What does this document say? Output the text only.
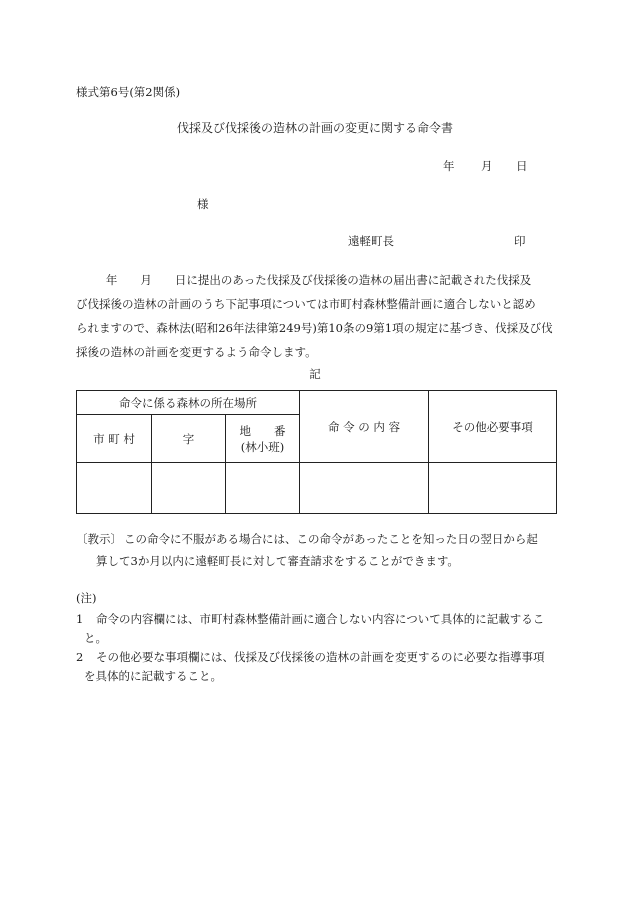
様式第6号(第2関係)
伐採及び伐採後の造林の計画の変更に関する命令書
年 月 日
様
遠軽町長	印
年　　月　　日に提出のあった伐採及び伐採後の造林の届出書に記載された伐採及
び伐採後の造林の計画のうち下記事項については市町村森林整備計画に適合しないと認め
られますので、森林法(昭和26年法律第249号)第10条の9第1項の規定に基づき、伐採及び伐
採後の造林の計画を変更するよう命令します。
記
命令に係る森林の所在場所			命 令 の 内 容	その他必要事項
市 町 村	字	地　　番
(林小班)		

〔教示〕 この命令に不服がある場合には、この命令があったことを知った日の翌日から起
算して3か月以内に遠軽町長に対して審査請求をすることができます。
(注)
1 命令の内容欄には、市町村森林整備計画に適合しない内容について具体的に記載するこ
と。
2 その他必要な事項欄には、伐採及び伐採後の造林の計画を変更するのに必要な指導事項
を具体的に記載すること。
